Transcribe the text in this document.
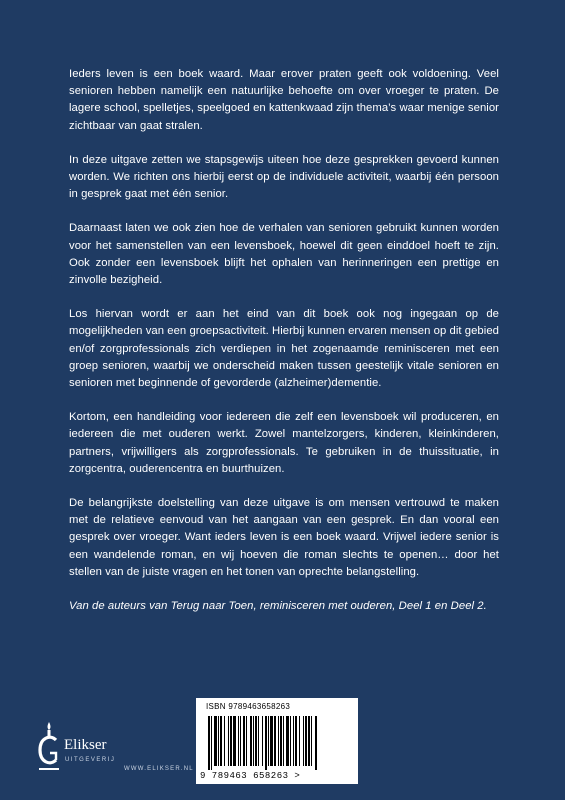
Ieders leven is een boek waard. Maar erover praten geeft ook voldoening. Veel senioren hebben namelijk een natuurlijke behoefte om over vroeger te praten. De lagere school, spelletjes, speelgoed en kattenkwaad zijn thema’s waar menige senior zichtbaar van gaat stralen.

In deze uitgave zetten we stapsgewijs uiteen hoe deze gesprekken gevoerd kunnen worden. We richten ons hierbij eerst op de individuele activiteit, waarbij één persoon in gesprek gaat met één senior.

Daarnaast laten we ook zien hoe de verhalen van senioren gebruikt kunnen worden voor het samenstellen van een levensboek, hoewel dit geen einddoel hoeft te zijn. Ook zonder een levensboek blijft het ophalen van herinneringen een prettige en zinvolle bezigheid.

Los hiervan wordt er aan het eind van dit boek ook nog ingegaan op de mogelijkheden van een groepsactiviteit. Hierbij kunnen ervaren mensen op dit gebied en/of zorgprofessionals zich verdiepen in het zogenaamde reminisceren met een groep senioren, waarbij we onderscheid maken tussen geestelijk vitale senioren en senioren met beginnende of gevorderde (alzheimer)dementie.

Kortom, een handleiding voor iedereen die zelf een levensboek wil produceren, en iedereen die met ouderen werkt. Zowel mantelzorgers, kinderen, kleinkinderen, partners, vrijwilligers als zorgprofessionals. Te gebruiken in de thuissituatie, in zorgcentra, ouderencentra en buurthuizen.

De belangrijkste doelstelling van deze uitgave is om mensen vertrouwd te maken met de relatieve eenvoud van het aangaan van een gesprek. En dan vooral een gesprek over vroeger. Want ieders leven is een boek waard. Vrijwel iedere senior is een wandelende roman, en wij hoeven die roman slechts te openen… door het stellen van de juiste vragen en het tonen van oprechte belangstelling.

Van de auteurs van Terug naar Toen, reminisceren met ouderen, Deel 1 en Deel 2.

Elikser
UITGEVERIJ
WWW.ELIKSER.NL
ISBN 9789463658263
9 789463 658263 >
